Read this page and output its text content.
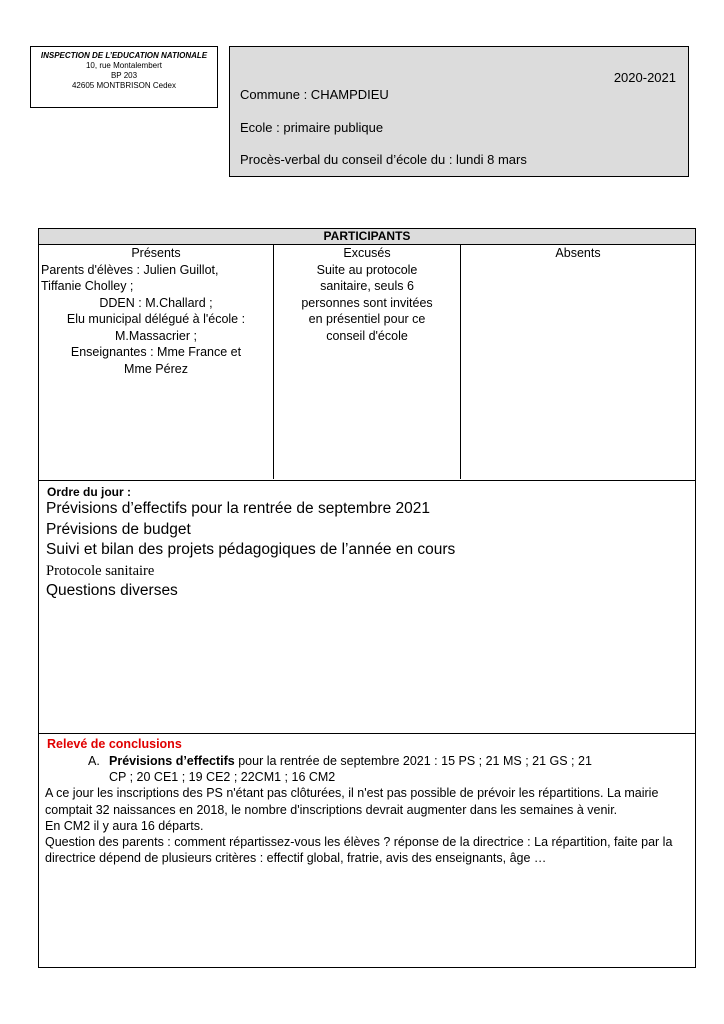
INSPECTION DE L’EDUCATION NATIONALE
10, rue Montalembert
BP 203
42605 MONTBRISON Cedex
2020-2021
Commune : CHAMPDIEU
Ecole : primaire publique
Procès-verbal du conseil d’école du : lundi 8 mars
PARTICIPANTS
Présents
Parents d'élèves : Julien Guillot,
Tiffanie Cholley ;
DDEN : M.Challard ;
Elu municipal délégué à l'école :
M.Massacrier ;
Enseignantes : Mme France et
Mme Pérez
Excusés
Suite au protocole
sanitaire, seuls 6
personnes sont invitées
en présentiel pour ce
conseil d'école
Absents
Ordre du jour :
Prévisions d’effectifs pour la rentrée de septembre 2021
Prévisions de budget
Suivi et bilan des projets pédagogiques de l’année en cours
Protocole sanitaire
Questions diverses
Relevé de conclusions

A. Prévisions d’effectifs pour la rentrée de septembre 2021 : 15 PS ; 21 MS ; 21 GS ; 21

CP ; 20 CE1 ; 19 CE2 ; 22CM1 ; 16 CM2

A ce jour les inscriptions des PS n'étant pas clôturées, il n'est pas possible de prévoir les répartitions. La mairie comptait 32 naissances en 2018, le nombre d'inscriptions devrait augmenter dans les semaines à venir.

En CM2 il y aura 16 départs.

Question des parents : comment répartissez-vous les élèves ? réponse de la directrice : La répartition, faite par la directrice dépend de plusieurs critères : effectif global, fratrie, avis des enseignants, âge …
